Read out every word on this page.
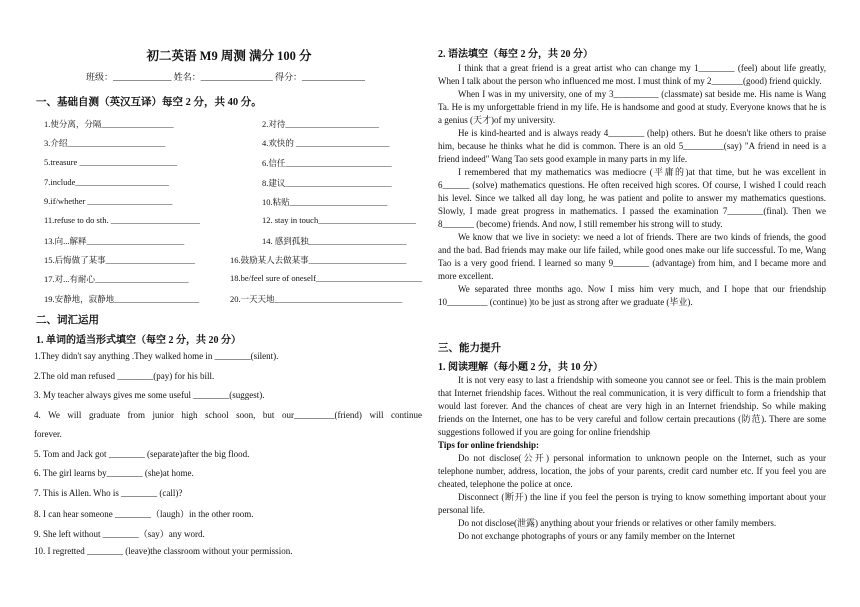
初二英语 M9 周测 满分 100 分
班级：_____________ 姓名：________________ 得分：______________
一、基础自测（英汉互译）每空 2 分，共 40 分。
1.使分离，分隔_________________	2.对待______________________
3.介绍_______________________	4.欢快的 ______________________
5.treasure _______________________	6.信任_________________________
7.include______________________	8.建议_________________________
9.if/whether ____________________	10.粘贴_______________________
11.refuse to do sth. _____________________	12. stay in touch_______________________
13.向...解释_______________________	14. 感到孤独_______________________
15.后悔做了某事_____________________	16.鼓励某人去做某事_______________________
17.对...有耐心______________________	18.be/feel sure of oneself_________________________
19.安静地，寂静地____________________	20.一天天地______________________________
二、词汇运用
1. 单词的适当形式填空（每空 2 分，共 20 分）
1.They didn't say anything .They walked home in ________(silent).
2.The old man refused ________(pay) for his bill.
3. My teacher always gives me some useful ________(suggest).
4. We will graduate from junior high school soon, but our_________(friend) will continue
forever.
5. Tom and Jack got ________ (separate)after the big flood.
6. The girl learns by________ (she)at home.
7. This is Allen. Who is ________ (call)?
8. I can hear someone ________（laugh）in the other room.
9. She left without ________（say）any word.
10. I regretted ________ (leave)the classroom without your permission.
2. 语法填空（每空 2 分，共 20 分）

I think that a great friend is a great artist who can change my 1________ (feel) about life greatly, When I talk about the person who influenced me most. I must think of my 2_______(good) friend quickly.

When I was in my university, one of my 3__________ (classmate) sat beside me. His name is Wang Ta. He is my unforgettable friend in my life. He is handsome and good at study. Everyone knows that he is a genius (天才)of my university.

He is kind-hearted and is always ready 4________ (help) others. But he doesn't like others to praise him, because he thinks what he did is common. There is an old 5_________(say) "A friend in need is a friend indeed" Wang Tao sets good example in many parts in my life.

I remembered that my mathematics was mediocre (平庸的)at that time, but he was excellent in 6______ (solve) mathematics questions. He often received high scores. Of course, I wished I could reach his level. Since we talked all day long, he was patient and polite to answer my mathematics questions. Slowly, I made great progress in mathematics. I passed the examination 7________(final). Then we 8_______ (become) friends. And now, I still remember his strong will to study.

We know that we live in society: we need a lot of friends. There are two kinds of friends, the good and the bad. Bad friends may make our life failed, while good ones make our life successful. To me, Wang Tao is a very good friend. I learned so many 9________ (advantage) from him, and I became more and more excellent.

We separated three months ago. Now I miss him very much, and I hope that our friendship 10_________ (continue) )to be just as strong after we graduate (毕业).

三、能力提升
1. 阅读理解（每小题 2 分，共 10 分）

It is not very easy to last a friendship with someone you cannot see or feel. This is the main problem that Internet friendship faces. Without the real communication, it is very difficult to form a friendship that would last forever. And the chances of cheat are very high in an Internet friendship. So while making friends on the Internet, one has to be very careful and follow certain precautions (防范). There are some suggestions followed if you are going for online friendship

Tips for online friendship:

Do not disclose(公开) personal information to unknown people on the Internet, such as your telephone number, address, location, the jobs of your parents, credit card number etc. If you feel you are cheated, telephone the police at once.

Disconnect (断开) the line if you feel the person is trying to know something important about your personal life.

Do not disclose(泄露) anything about your friends or relatives or other family members.

Do not exchange photographs of yours or any family member on the Internet
